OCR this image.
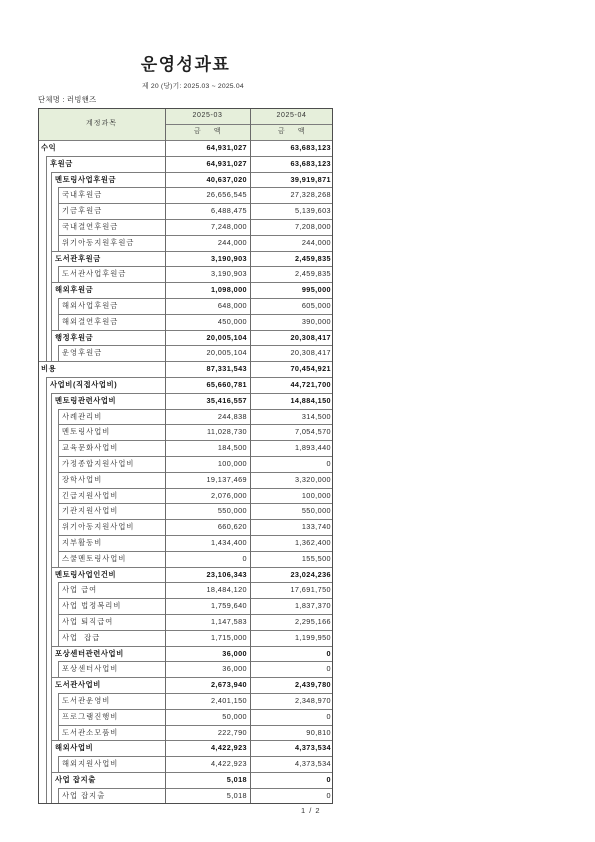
운영성과표
제 20 (당)기: 2025.03 ~ 2025.04
단체명 : 러빙핸즈
계정과목
2025-03	2025-04
금 액	금 액
수익	64,931,027	63,683,123
후원금	64,931,027	63,683,123
멘토링사업후원금	40,637,020	39,919,871
국내후원금	26,656,545	27,328,268
기금후원금	6,488,475	5,139,603
국내결연후원금	7,248,000	7,208,000
위기아동지원후원금	244,000	244,000
도서관후원금	3,190,903	2,459,835
도서관사업후원금	3,190,903	2,459,835
해외후원금	1,098,000	995,000
해외사업후원금	648,000	605,000
해외결연후원금	450,000	390,000
행정후원금	20,005,104	20,308,417
운영후원금	20,005,104	20,308,417
비용	87,331,543	70,454,921
사업비(직접사업비)	65,660,781	44,721,700
멘토링관련사업비	35,416,557	14,884,150
사례관리비	244,838	314,500
멘토링사업비	11,028,730	7,054,570
교육문화사업비	184,500	1,893,440
가정종합지원사업비	100,000	0
장학사업비	19,137,469	3,320,000
긴급지원사업비	2,076,000	100,000
기관지원사업비	550,000	550,000
위기아동지원사업비	660,620	133,740
지부활동비	1,434,400	1,362,400
스쿨멘토링사업비	0	155,500
멘토링사업인건비	23,106,343	23,024,236
사업 급여	18,484,120	17,691,750
사업 법정복리비	1,759,640	1,837,370
사업 퇴직급여	1,147,583	2,295,166
사업  잡급	1,715,000	1,199,950
포상센터관련사업비	36,000	0
포상센터사업비	36,000	0
도서관사업비	2,673,940	2,439,780
도서관운영비	2,401,150	2,348,970
프로그램진행비	50,000	0
도서관소모품비	222,790	90,810
해외사업비	4,422,923	4,373,534
해외지원사업비	4,422,923	4,373,534
사업 잡지출	5,018	0
사업 잡지출	5,018	0
1 / 2
